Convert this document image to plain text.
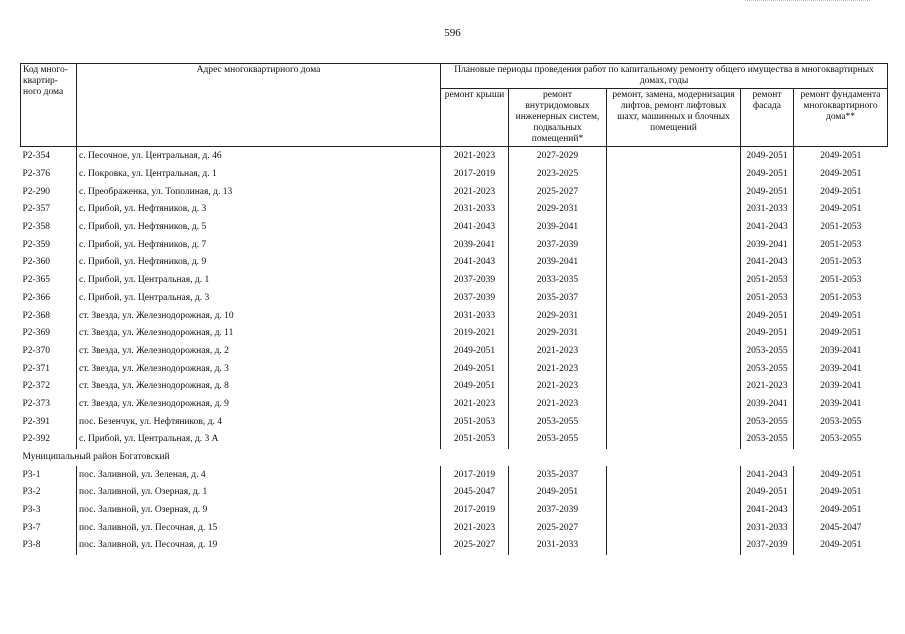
596
Код много-квартир-ного дома	Адрес многоквартирного дома	Плановые периоды проведения работ по капитальному ремонту общего имущества в многоквартирных домах, годы				
		ремонт крыши	ремонт внутридомовых инженерных систем, подвальных помещений*	ремонт, замена, модернизация лифтов, ремонт лифтовых шахт, машинных и блочных помещений	ремонт фасада	ремонт фундамента многоквартирного дома**
Р2-354	с. Песочное, ул. Центральная, д. 46	2021-2023	2027-2029		2049-2051	2049-2051
Р2-376	с. Покровка, ул. Центральная, д. 1	2017-2019	2023-2025		2049-2051	2049-2051
Р2-290	с. Преображенка, ул. Тополиная, д. 13	2021-2023	2025-2027		2049-2051	2049-2051
Р2-357	с. Прибой, ул. Нефтяников, д. 3	2031-2033	2029-2031		2031-2033	2049-2051
Р2-358	с. Прибой, ул. Нефтяников, д. 5	2041-2043	2039-2041		2041-2043	2051-2053
Р2-359	с. Прибой, ул. Нефтяников, д. 7	2039-2041	2037-2039		2039-2041	2051-2053
Р2-360	с. Прибой, ул. Нефтяников, д. 9	2041-2043	2039-2041		2041-2043	2051-2053
Р2-365	с. Прибой, ул. Центральная, д. 1	2037-2039	2033-2035		2051-2053	2051-2053
Р2-366	с. Прибой, ул. Центральная, д. 3	2037-2039	2035-2037		2051-2053	2051-2053
Р2-368	ст. Звезда, ул. Железнодорожная, д. 10	2031-2033	2029-2031		2049-2051	2049-2051
Р2-369	ст. Звезда, ул. Железнодорожная, д. 11	2019-2021	2029-2031		2049-2051	2049-2051
Р2-370	ст. Звезда, ул. Железнодорожная, д. 2	2049-2051	2021-2023		2053-2055	2039-2041
Р2-371	ст. Звезда, ул. Железнодорожная, д. 3	2049-2051	2021-2023		2053-2055	2039-2041
Р2-372	ст. Звезда, ул. Железнодорожная, д. 8	2049-2051	2021-2023		2021-2023	2039-2041
Р2-373	ст. Звезда, ул. Железнодорожная, д. 9	2021-2023	2021-2023		2039-2041	2039-2041
Р2-391	пос. Безенчук, ул. Нефтяников, д. 4	2051-2053	2053-2055		2053-2055	2053-2055
Р2-392	с. Прибой, ул. Центральная, д. 3 А	2051-2053	2053-2055		2053-2055	2053-2055
Муниципальный район Богатовский						
Р3-1	пос. Заливной, ул. Зеленая, д. 4	2017-2019	2035-2037		2041-2043	2049-2051
Р3-2	пос. Заливной, ул. Озерная, д. 1	2045-2047	2049-2051		2049-2051	2049-2051
Р3-3	пос. Заливной, ул. Озерная, д. 9	2017-2019	2037-2039		2041-2043	2049-2051
Р3-7	пос. Заливной, ул. Песочная, д. 15	2021-2023	2025-2027		2031-2033	2045-2047
Р3-8	пос. Заливной, ул. Песочная, д. 19	2025-2027	2031-2033		2037-2039	2049-2051
